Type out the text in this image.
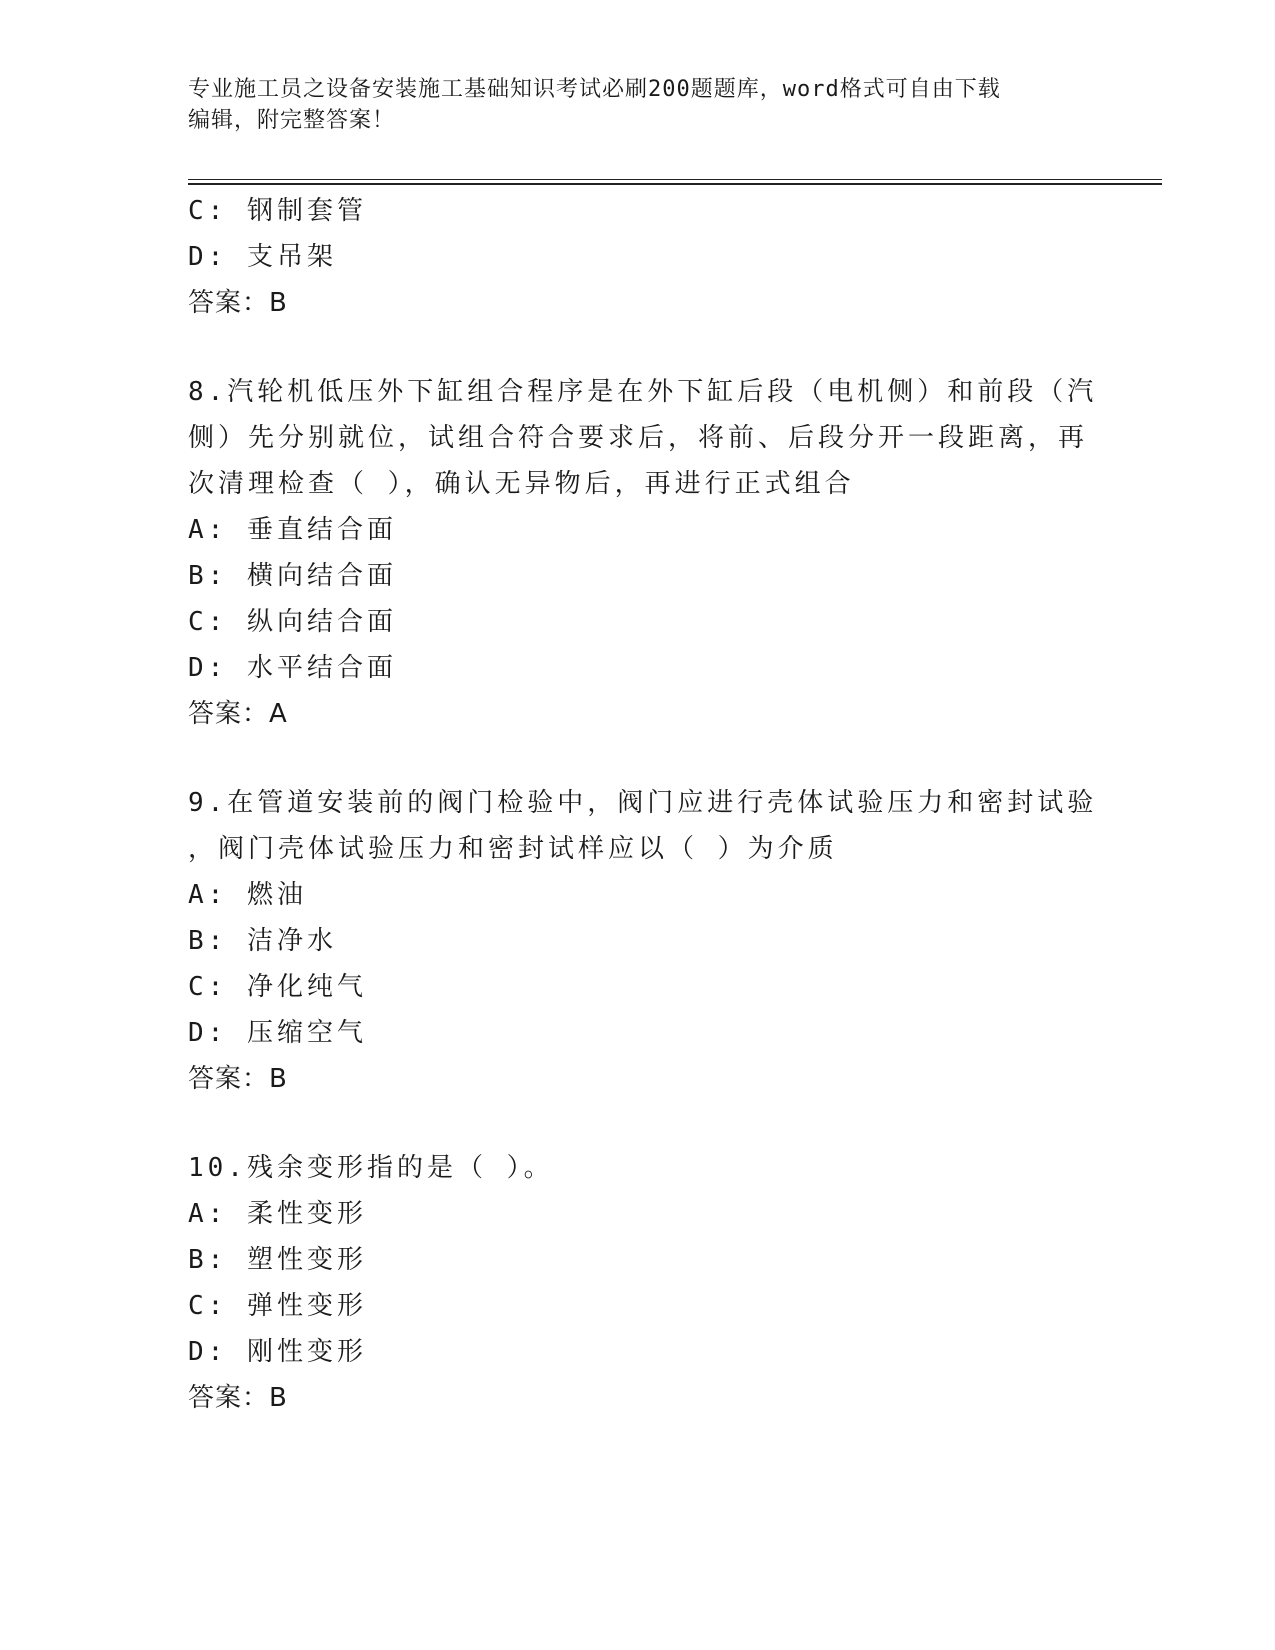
专业施工员之设备安装施工基础知识考试必刷200题题库，word格式可自由下载
编辑，附完整答案！
C: 钢制套管
D: 支吊架
答案：B
8.汽轮机低压外下缸组合程序是在外下缸后段（电机侧）和前段（汽
侧）先分别就位，试组合符合要求后，将前、后段分开一段距离，再
次清理检查（ ），确认无异物后，再进行正式组合
A: 垂直结合面
B: 横向结合面
C: 纵向结合面
D: 水平结合面
答案：A
9.在管道安装前的阀门检验中，阀门应进行壳体试验压力和密封试验
，阀门壳体试验压力和密封试样应以（ ）为介质
A: 燃油
B: 洁净水
C: 净化纯气
D: 压缩空气
答案：B
10.残余变形指的是（ ）。
A: 柔性变形
B: 塑性变形
C: 弹性变形
D: 刚性变形
答案：B
